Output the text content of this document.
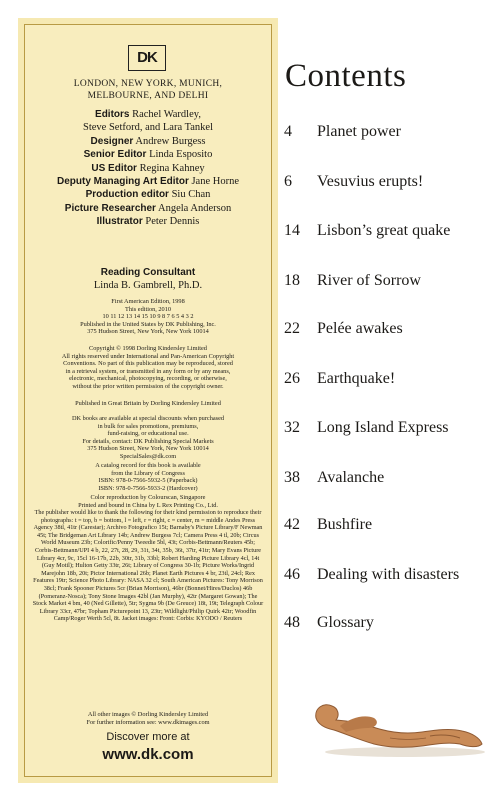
DK
LONDON, NEW YORK, MUNICH,
MELBOURNE, AND DELHI
Editors Rachel Wardley,
Steve Setford, and Lara Tankel
Designer Andrew Burgess
Senior Editor Linda Esposito
US Editor Regina Kahney
Deputy Managing Art Editor Jane Horne
Production editor Siu Chan
Picture Researcher Angela Anderson
Illustrator Peter Dennis
Reading Consultant
Linda B. Gambrell, Ph.D.
First American Edition, 1998
This edition, 2010
10 11 12 13 14 15 10 9 8 7 6 5 4 3 2
Published in the United States by DK Publishing, Inc.
375 Hudson Street, New York, New York 10014
Copyright © 1998 Dorling Kindersley Limited
All rights reserved under International and Pan-American Copyright
Conventions. No part of this publication may be reproduced, stored
in a retrieval system, or transmitted in any form or by any means,
electronic, mechanical, photocopying, recording, or otherwise,
without the prior written permission of the copyright owner.
Published in Great Britain by Dorling Kindersley Limited
DK books are available at special discounts when purchased
in bulk for sales promotions, premiums,
fund-raising, or educational use.
For details, contact: DK Publishing Special Markets
375 Hudson Street, New York, New York 10014
SpecialSales@dk.com
A catalog record for this book is available
from the Library of Congress
ISBN: 978-0-7566-5932-5 (Paperback)
ISBN: 978-0-7566-5933-2 (Hardcover)
Color reproduction by Colourscan, Singapore
Printed and bound in China by L Rex Printing Co., Ltd.
The publisher would like to thank the following for their kind permission to reproduce their photographs: t = top, b = bottom, l = left, r = right, c = center, m = middle Andes Press Agency 38tl, 41tr (Carestar); Archivo Fotografico 15t; Barnaby's Picture Library/F Newman 45t; The Bridgeman Art Library 14b; Andrew Burgess 7cl; Camera Press 4 tl, 20b; Circus World Museum 23b; Colorific/Penny Tweedie 5bl, 43t; Corbis-Bettmann/Reuters 45b; Corbis-Bettmann/UPI 4 b, 22, 27t, 28, 29, 31t, 34t, 35b, 36t, 37tr, 41tr; Mary Evans Picture Library 4cr, 9c, 15cl 16-17b, 22b, 30tr, 31b, 33bl; Robert Harding Picture Library 4cl, 14t (Guy Motil); Hulton Getty 33tr, 26t; Library of Congress 30-1b; Picture Works/Ingrid Marejohn 18b, 20t; Pictor International 26b; Planet Earth Pictures 4 br, 23tl, 24cl; Rex Features 19tr; Science Photo Library: NASA 32 cl; South American Pictures: Tony Morrison 38cl; Frank Spooner Pictures 5cr (Brian Morrison), 46br (Bonnet/Hires/Duclos) 46b (Pomeranz-Nosca); Tony Stone Images 42bl (Jan Murphy), 42tr (Margaret Gowan); The Stock Market 4 bm, 40 (Ned Gillette), 5tr; Sygma 9b (De Greuce) 18t, 19t; Telegraph Colour Library 33cr, 47br; Topham Picturepoint 13, 23tr; Wildlight/Philip Quirk 42tr; Woodfin Camp/Roger Werth 5cl, 8t. Jacket images: Front: Corbis: KYODO / Reuters
All other images © Dorling Kindersley Limited
For further information see: www.dkimages.com
Discover more at
www.dk.com
Contents
4 Planet power
6 Vesuvius erupts!
14 Lisbon’s great quake
18 River of Sorrow
22 Pelée awakes
26 Earthquake!
32 Long Island Express
38 Avalanche
42 Bushfire
46 Dealing with disasters
48 Glossary
